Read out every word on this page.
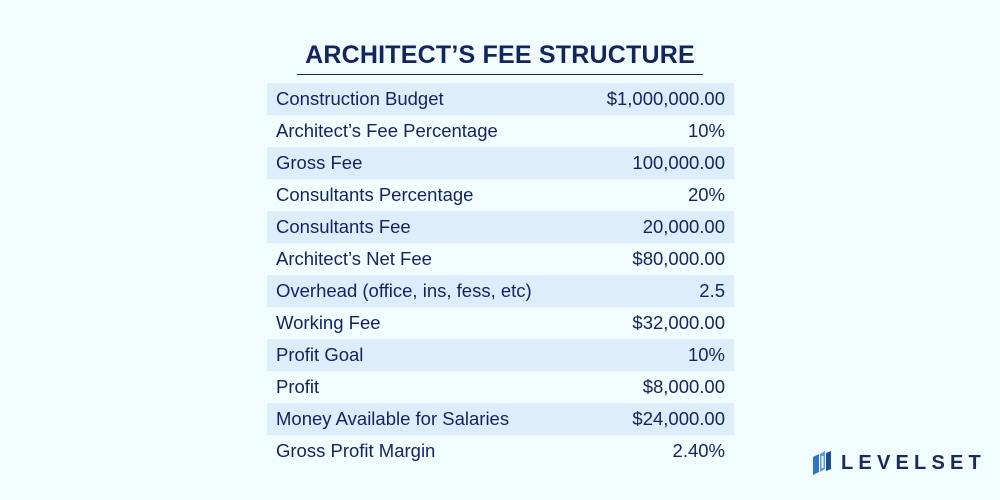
ARCHITECT’S FEE STRUCTURE
Construction Budget	$1,000,000.00
Architect’s Fee Percentage	10%
Gross Fee	100,000.00
Consultants Percentage	20%
Consultants Fee	20,000.00
Architect’s Net Fee	$80,000.00
Overhead (office, ins, fess, etc)	2.5
Working Fee	$32,000.00
Profit Goal	10%
Profit	$8,000.00
Money Available for Salaries	$24,000.00
Gross Profit Margin	2.40%
LEVELSET
